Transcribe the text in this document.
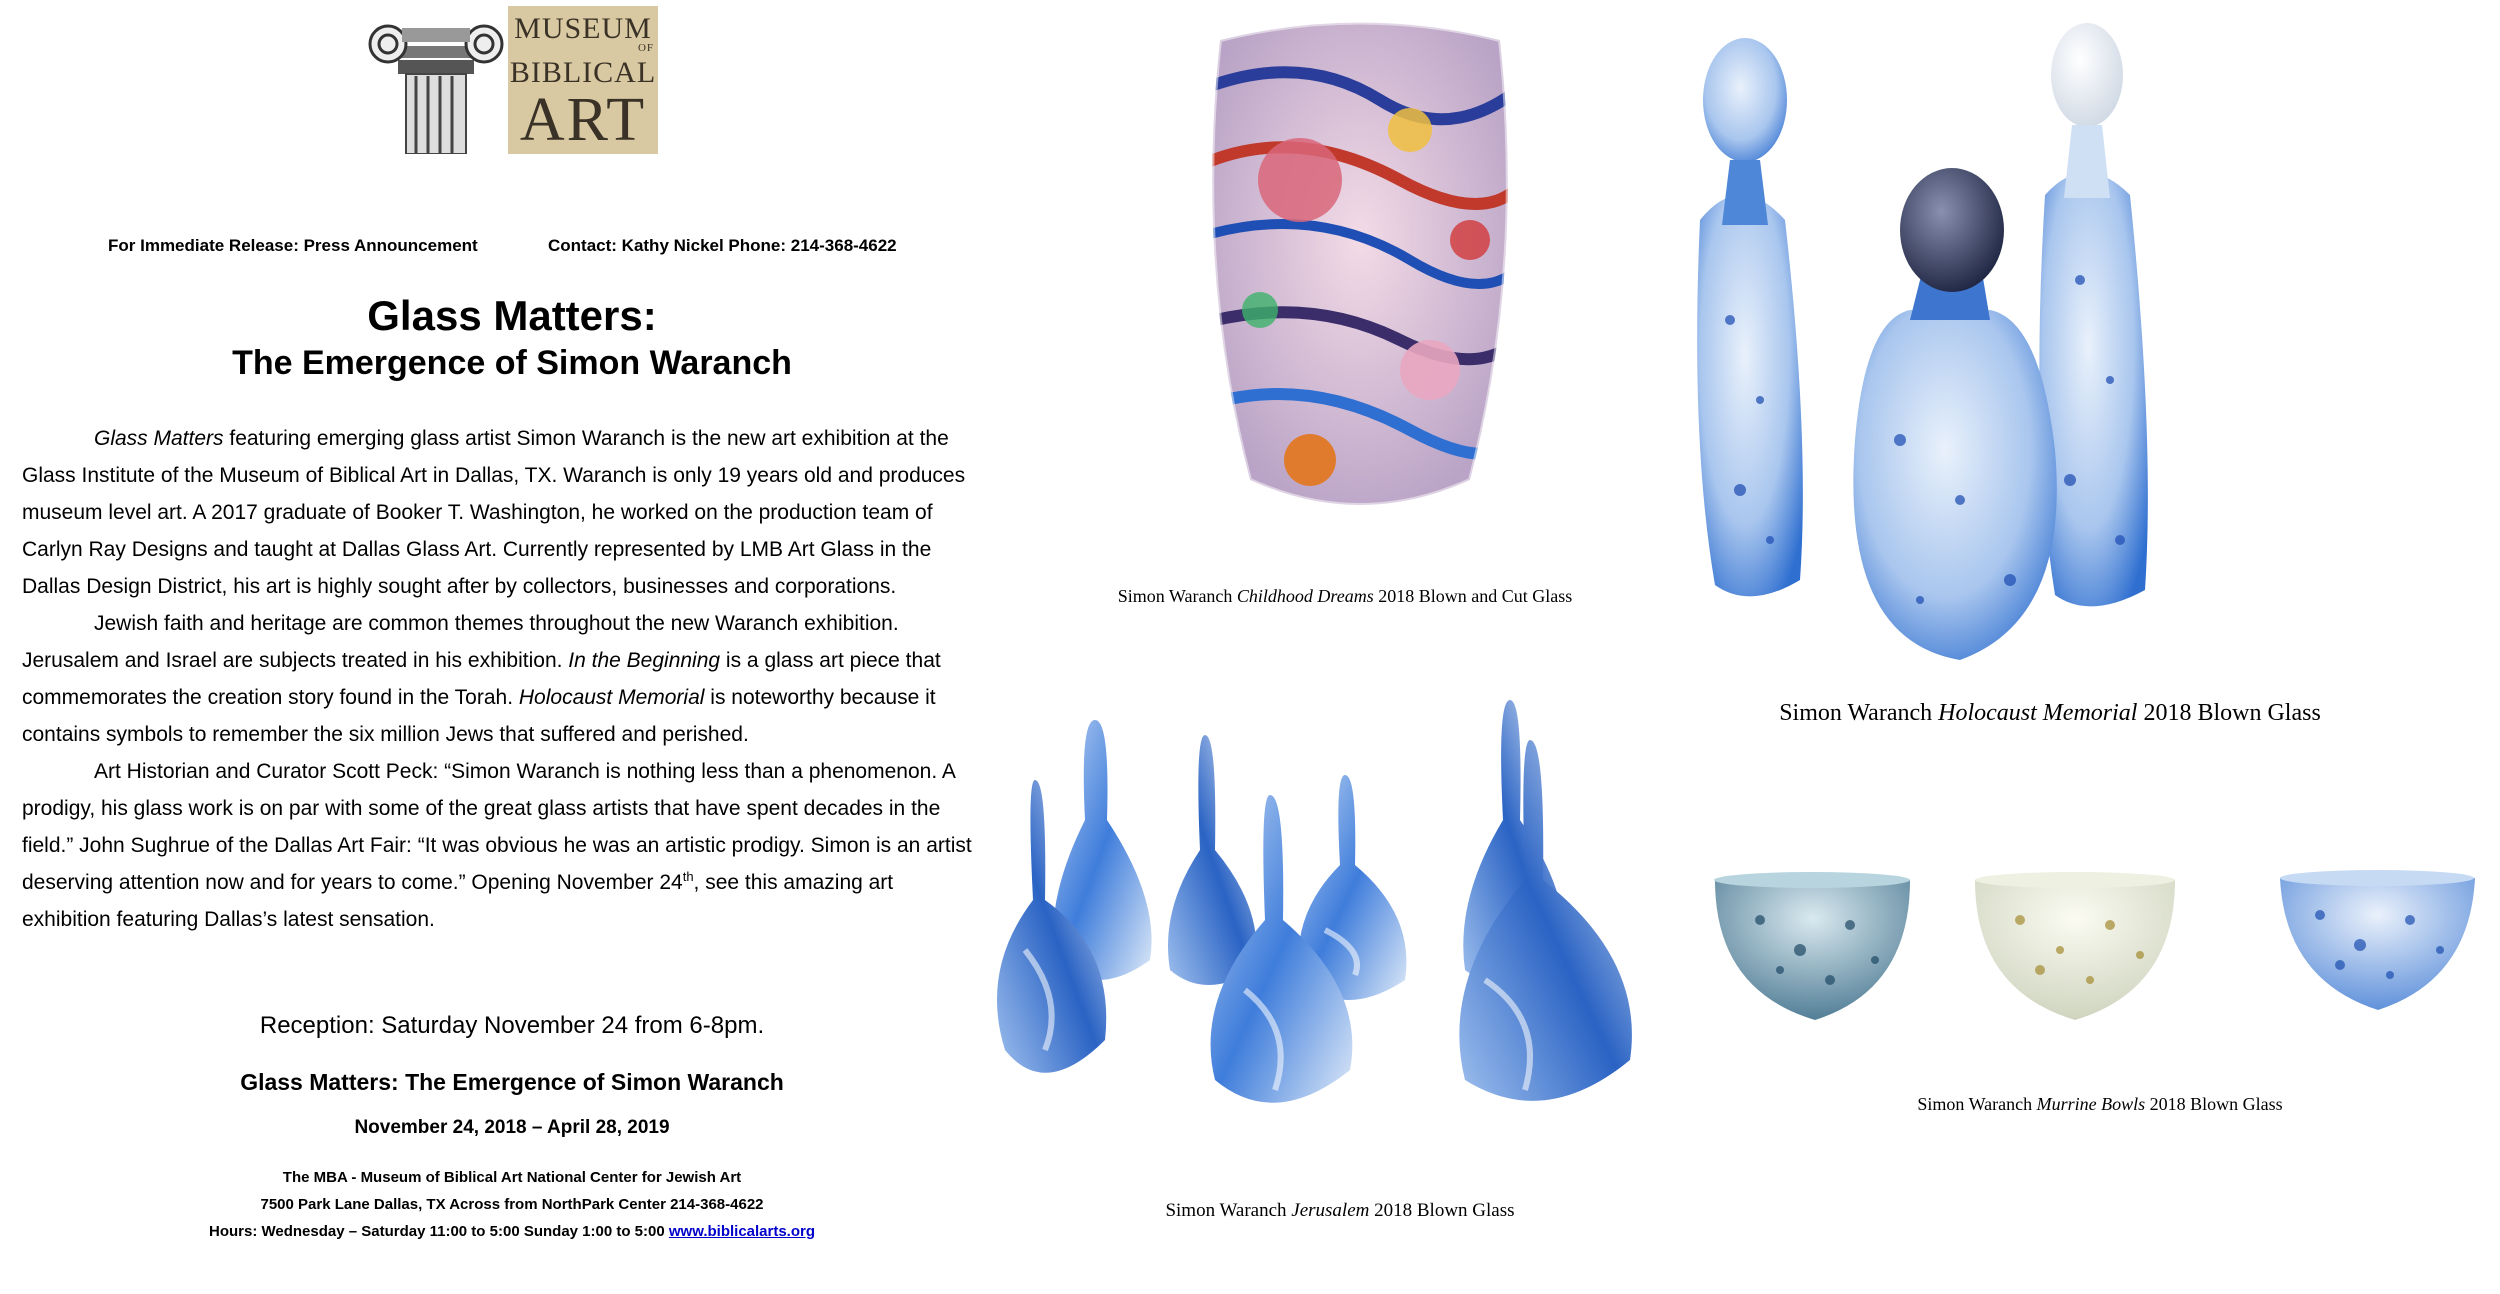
MUSEUM
OF
BIBLICAL
ART
For Immediate Release: Press Announcement	Contact: Kathy Nickel Phone: 214-368-4622
Glass Matters:
The Emergence of Simon Waranch

Glass Matters featuring emerging glass artist Simon Waranch is the new art exhibition at the Glass Institute of the Museum of Biblical Art in Dallas, TX. Waranch is only 19 years old and produces museum level art. A 2017 graduate of Booker T. Washington, he worked on the production team of Carlyn Ray Designs and taught at Dallas Glass Art. Currently represented by LMB Art Glass in the Dallas Design District, his art is highly sought after by collectors, businesses and corporations.

Jewish faith and heritage are common themes throughout the new Waranch exhibition. Jerusalem and Israel are subjects treated in his exhibition. In the Beginning is a glass art piece that commemorates the creation story found in the Torah. Holocaust Memorial is noteworthy because it contains symbols to remember the six million Jews that suffered and perished.

Art Historian and Curator Scott Peck: “Simon Waranch is nothing less than a phenomenon. A prodigy, his glass work is on par with some of the great glass artists that have spent decades in the field.” John Sughrue of the Dallas Art Fair: “It was obvious he was an artistic prodigy. Simon is an artist deserving attention now and for years to come.” Opening November 24th, see this amazing art exhibition featuring Dallas’s latest sensation.

Reception: Saturday November 24 from 6-8pm.
Glass Matters: The Emergence of Simon Waranch
November 24, 2018 – April 28, 2019
The MBA - Museum of Biblical Art National Center for Jewish Art
7500 Park Lane Dallas, TX Across from NorthPark Center 214-368-4622
Hours: Wednesday – Saturday 11:00 to 5:00 Sunday 1:00 to 5:00 www.biblicalarts.org
Simon Waranch Childhood Dreams 2018 Blown and Cut Glass
Simon Waranch Holocaust Memorial 2018 Blown Glass
Simon Waranch Jerusalem 2018 Blown Glass
Simon Waranch Murrine Bowls 2018 Blown Glass
